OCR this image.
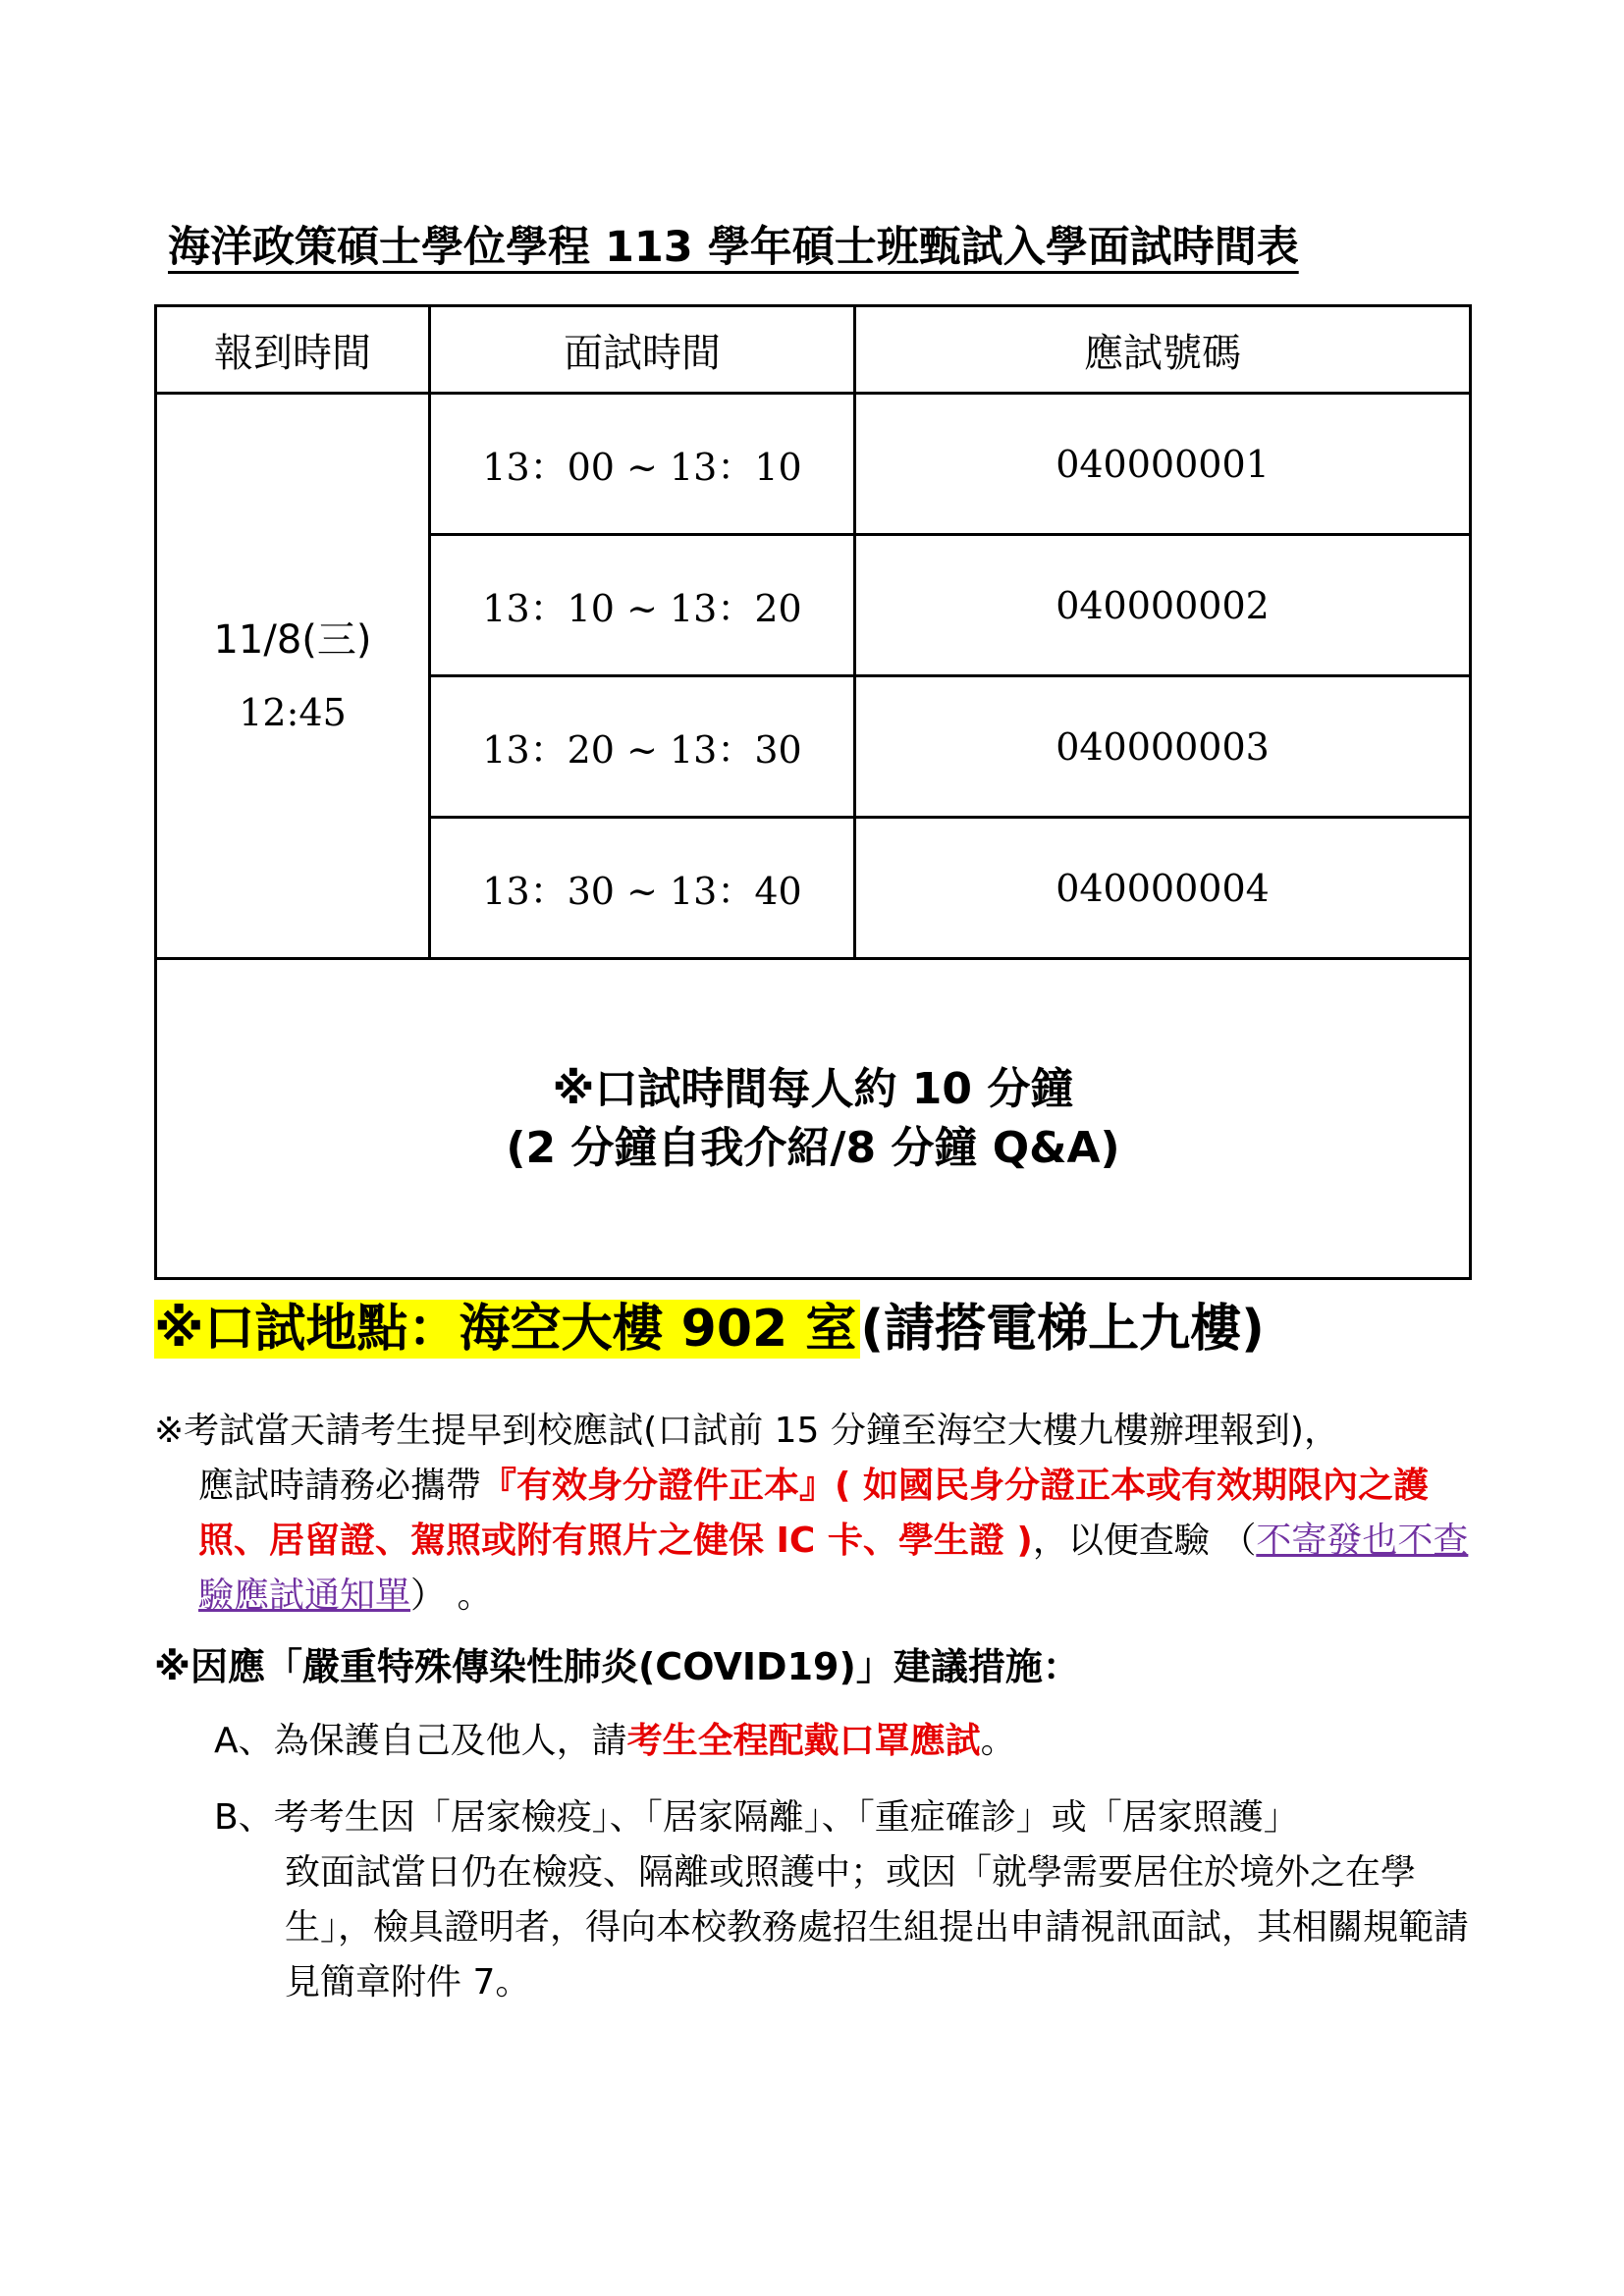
海洋政策碩士學位學程 113 學年碩士班甄試入學面試時間表
報到時間	面試時間	應試號碼

11/8(三)
12:45	13：00 ~ 13：10	040000001
	13：10 ~ 13：20	040000002
	13：20 ~ 13：30	040000003
	13：30 ~ 13：40	040000004

※口試時間每人約 10 分鐘
(2 分鐘自我介紹/8 分鐘 Q&A)		
※口試地點：海空大樓 902 室(請搭電梯上九樓)
※考試當天請考生提早到校應試(口試前 15 分鐘至海空大樓九樓辦理報到)，
應試時請務必攜帶『有效身分證件正本』( 如國民身分證正本或有效期限內之護照、居留證、駕照或附有照片之健保 IC 卡、學生證 )，以便查驗 （不寄發也不查驗應試通知單） 。
※因應「嚴重特殊傳染性肺炎(COVID19)」建議措施：
A、為保護自己及他人，請考生全程配戴口罩應試。
B、考考生因「居家檢疫」、「居家隔離」、「重症確診」或「居家照護」
致面試當日仍在檢疫、隔離或照護中；或因「就學需要居住於境外之在學生」，檢具證明者，得向本校教務處招生組提出申請視訊面試，其相關規範請見簡章附件 7。
